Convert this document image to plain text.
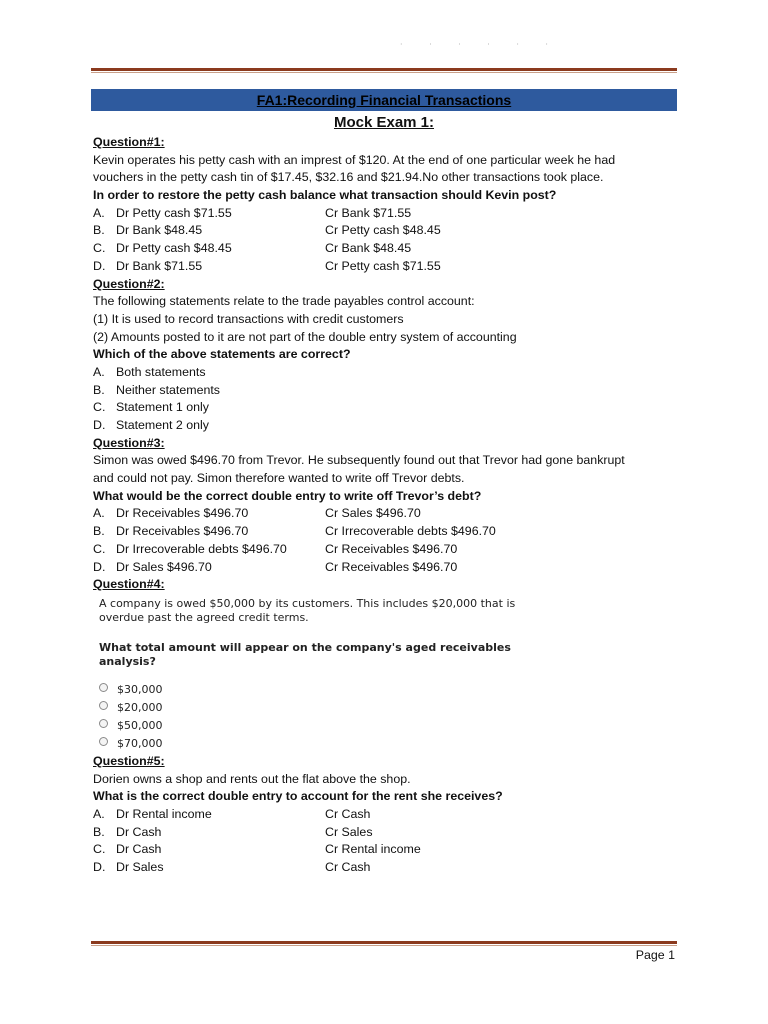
· · · · · ·
FA1:Recording Financial Transactions
Mock Exam 1:
Question#1:
Kevin operates his petty cash with an imprest of $120. At the end of one particular week he had
vouchers in the petty cash tin of $17.45, $32.16 and $21.94.No other transactions took place.
In order to restore the petty cash balance what transaction should Kevin post?
A. Dr Petty cash $71.55	Cr Bank $71.55
B. Dr Bank $48.45	Cr Petty cash $48.45
C. Dr Petty cash $48.45	Cr Bank $48.45
D. Dr Bank $71.55	Cr Petty cash $71.55
Question#2:
The following statements relate to the trade payables control account:
(1) It is used to record transactions with credit customers
(2) Amounts posted to it are not part of the double entry system of accounting
Which of the above statements are correct?
A. Both statements
B. Neither statements
C. Statement 1 only
D. Statement 2 only
Question#3:
Simon was owed $496.70 from Trevor. He subsequently found out that Trevor had gone bankrupt
and could not pay. Simon therefore wanted to write off Trevor debts.
What would be the correct double entry to write off Trevor’s debt?
A. Dr Receivables $496.70	Cr Sales $496.70
B. Dr Receivables $496.70	Cr Irrecoverable debts $496.70
C. Dr Irrecoverable debts $496.70	Cr Receivables $496.70
D. Dr Sales $496.70	Cr Receivables $496.70
Question#4:
A company is owed $50,000 by its customers. This includes $20,000 that is
overdue past the agreed credit terms.
What total amount will appear on the company's aged receivables
analysis?
$30,000
$20,000
$50,000
$70,000
Question#5:
Dorien owns a shop and rents out the flat above the shop.
What is the correct double entry to account for the rent she receives?
A. Dr Rental income	Cr Cash
B. Dr Cash	Cr Sales
C. Dr Cash	Cr Rental income
D. Dr Sales	Cr Cash
Page 1
